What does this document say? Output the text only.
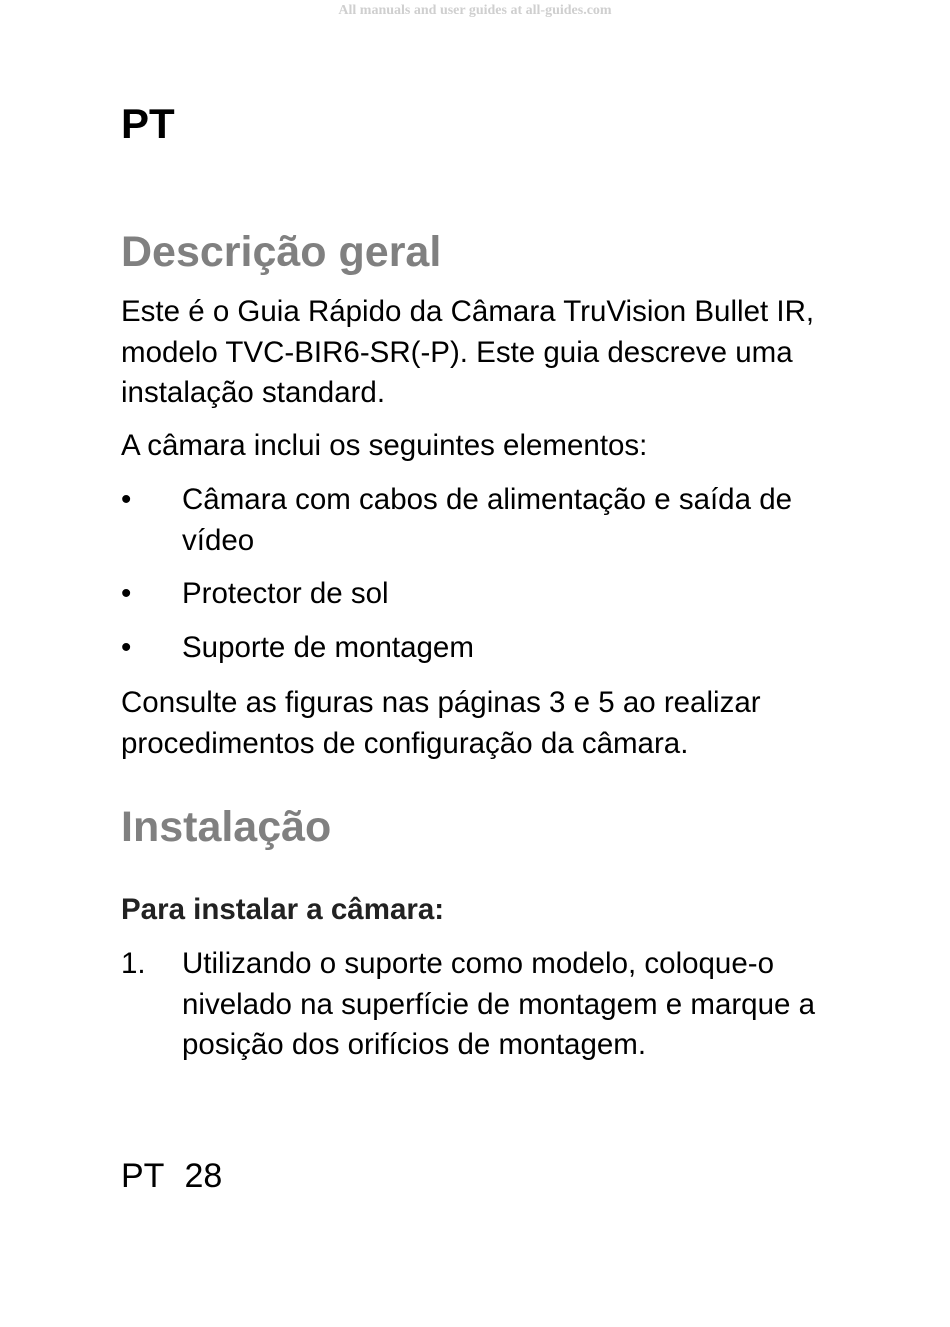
All manuals and user guides at all-guides.com
PT
Descrição geral
Este é o Guia Rápido da Câmara TruVision Bullet IR, modelo TVC-BIR6-SR(-P). Este guia descreve uma instalação standard.
A câmara inclui os seguintes elementos:
•	Câmara com cabos de alimentação e saída de vídeo
•	Protector de sol
•	Suporte de montagem
Consulte as figuras nas páginas 3 e 5 ao realizar procedimentos de configuração da câmara.
Instalação
Para instalar a câmara:
1.	Utilizando o suporte como modelo, coloque-o nivelado na superfície de montagem e marque a posição dos orifícios de montagem.
PT 28
